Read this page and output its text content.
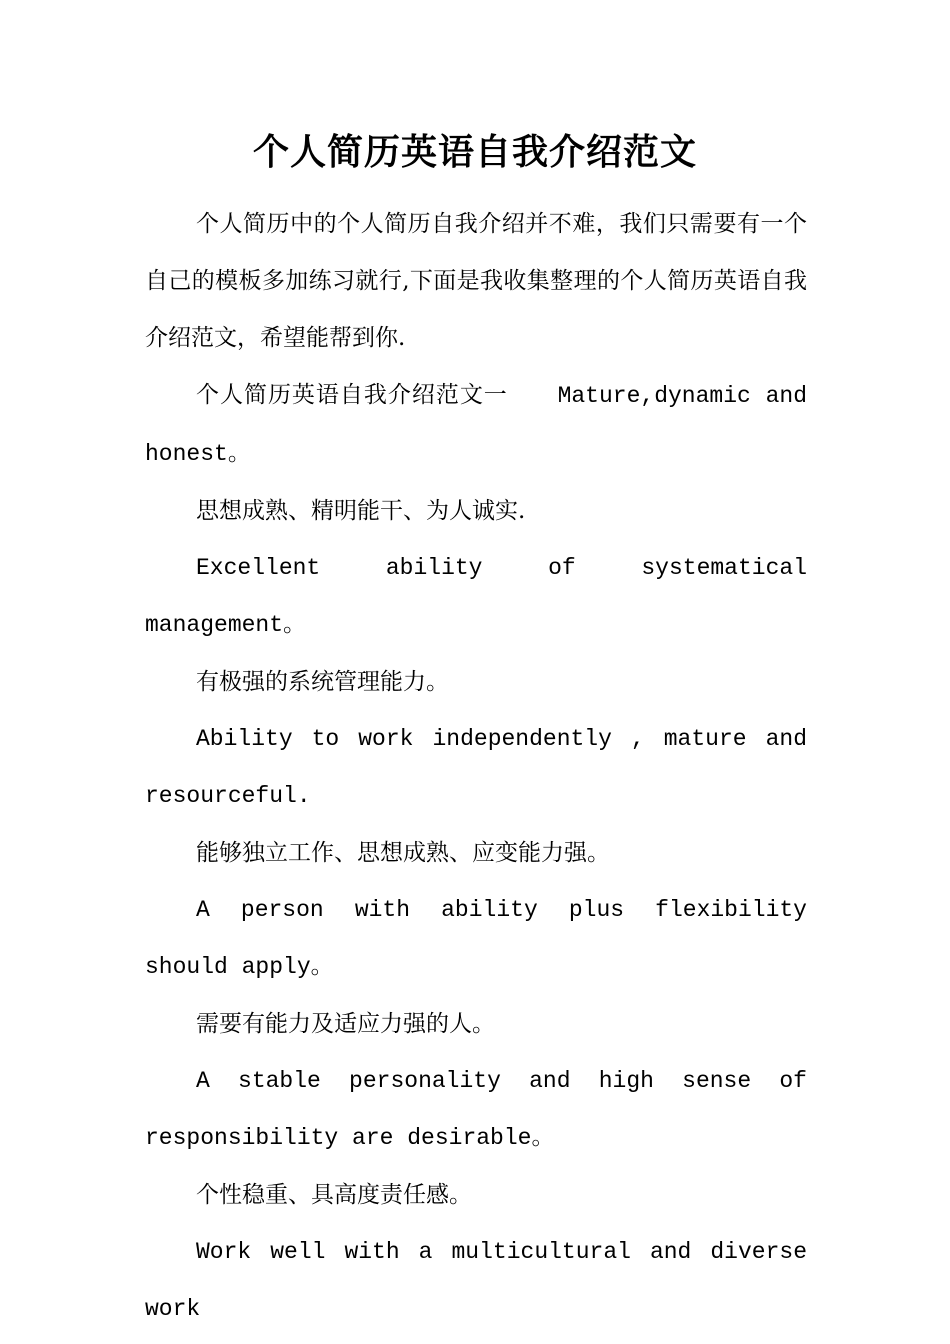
个人简历英语自我介绍范文

个人简历中的个人简历自我介绍并不难，我们只需要有一个自己的模板多加练习就行,下面是我收集整理的个人简历英语自我介绍范文，希望能帮到你.

个人简历英语自我介绍范文一 Mature,dynamic and honest。

思想成熟、精明能干、为人诚实.

Excellent ability of systematical management。

有极强的系统管理能力。

Ability to work independently , mature and resourceful.

能够独立工作、思想成熟、应变能力强。

A person with ability plus flexibility should apply。

需要有能力及适应力强的人。

A stable personality and high sense of responsibility are desirable。

个性稳重、具高度责任感。

Work well with a multicultural and diverse work
